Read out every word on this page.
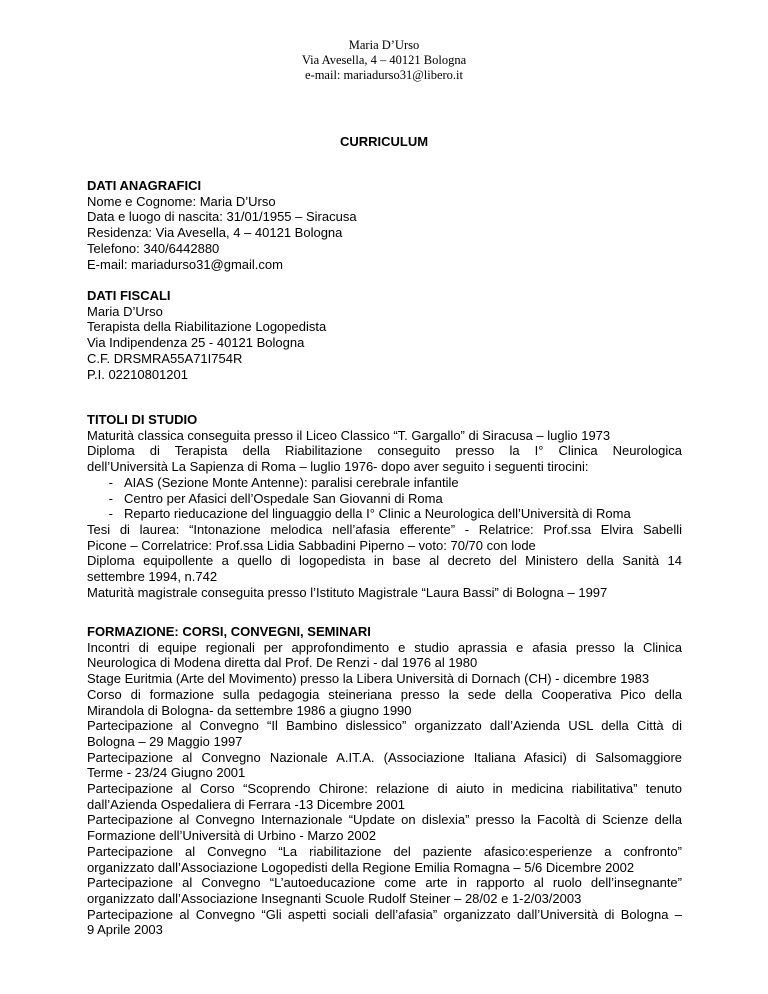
Maria D’Urso
Via Avesella, 4 – 40121 Bologna
e-mail: mariadurso31@libero.it
CURRICULUM
DATI ANAGRAFICI
Nome e Cognome: Maria D’Urso
Data e luogo di nascita: 31/01/1955 – Siracusa
Residenza: Via Avesella, 4 – 40121 Bologna
Telefono: 340/6442880
E-mail: mariadurso31@gmail.com
DATI FISCALI
Maria D’Urso
Terapista della Riabilitazione Logopedista
Via Indipendenza 25 - 40121 Bologna
C.F. DRSMRA55A71I754R
P.I. 02210801201
TITOLI DI STUDIO
Maturità classica conseguita presso il Liceo Classico “T. Gargallo” di Siracusa – luglio 1973
Diploma di Terapista della Riabilitazione conseguito presso la I° Clinica Neurologica
dell’Università La Sapienza di Roma – luglio 1976- dopo aver seguito i seguenti tirocini:
- AIAS (Sezione Monte Antenne): paralisi cerebrale infantile
- Centro per Afasici dell’Ospedale San Giovanni di Roma
- Reparto rieducazione del linguaggio della I° Clinic a Neurologica dell’Università di Roma
Tesi di laurea: “Intonazione melodica nell’afasia efferente” - Relatrice: Prof.ssa Elvira Sabelli
Picone – Correlatrice: Prof.ssa Lidia Sabbadini Piperno – voto: 70/70 con lode
Diploma equipollente a quello di logopedista in base al decreto del Ministero della Sanità 14
settembre 1994, n.742
Maturità magistrale conseguita presso l’Istituto Magistrale “Laura Bassi” di Bologna – 1997
FORMAZIONE: CORSI, CONVEGNI, SEMINARI
Incontri di equipe regionali per approfondimento e studio aprassia e afasia presso la Clinica
Neurologica di Modena diretta dal Prof. De Renzi - dal 1976 al 1980
Stage Euritmia (Arte del Movimento) presso la Libera Università di Dornach (CH) - dicembre 1983
Corso di formazione sulla pedagogia steineriana presso la sede della Cooperativa Pico della
Mirandola di Bologna- da settembre 1986 a giugno 1990
Partecipazione al Convegno “Il Bambino dislessico” organizzato dall’Azienda USL della Città di
Bologna – 29 Maggio 1997
Partecipazione al Convegno Nazionale A.IT.A. (Associazione Italiana Afasici) di Salsomaggiore
Terme - 23/24 Giugno 2001
Partecipazione al Corso “Scoprendo Chirone: relazione di aiuto in medicina riabilitativa” tenuto
dall’Azienda Ospedaliera di Ferrara -13 Dicembre 2001
Partecipazione al Convegno Internazionale “Update on dislexia” presso la Facoltà di Scienze della
Formazione dell’Università di Urbino - Marzo 2002
Partecipazione al Convegno “La riabilitazione del paziente afasico:esperienze a confronto”
organizzato dall’Associazione Logopedisti della Regione Emilia Romagna – 5/6 Dicembre 2002
Partecipazione al Convegno “L’autoeducazione come arte in rapporto al ruolo dell’insegnante”
organizzato dall’Associazione Insegnanti Scuole Rudolf Steiner – 28/02 e 1-2/03/2003
Partecipazione al Convegno “Gli aspetti sociali dell’afasia” organizzato dall’Università di Bologna –
9 Aprile 2003
